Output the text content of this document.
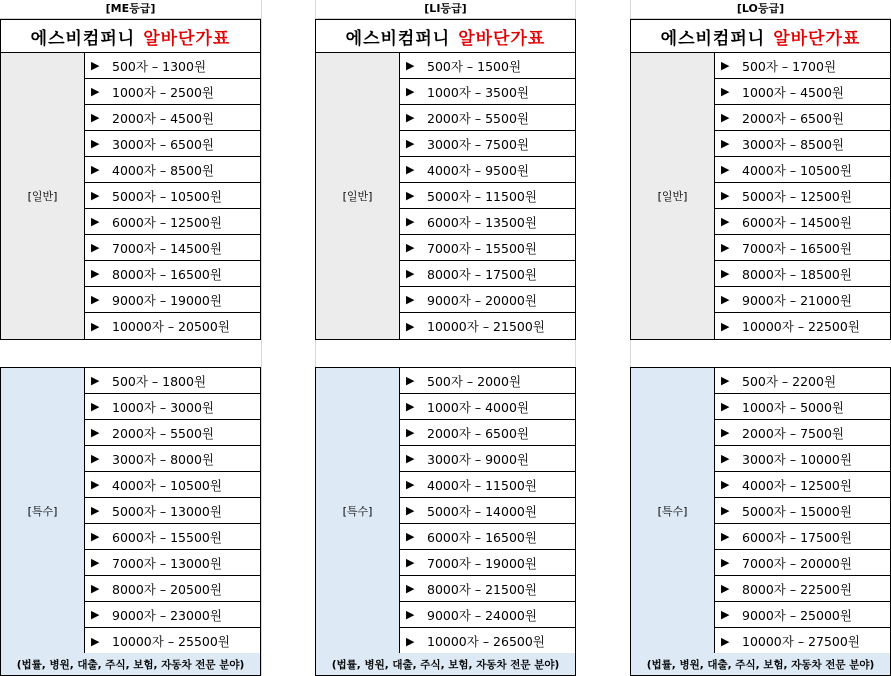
[ME등급]
에스비컴퍼니 알바단가표
[일반]
▶	500자 – 1300원
▶	1000자 – 2500원
▶	2000자 – 4500원
▶	3000자 – 6500원
▶	4000자 – 8500원
▶	5000자 – 10500원
▶	6000자 – 12500원
▶	7000자 – 14500원
▶	8000자 – 16500원
▶	9000자 – 19000원
▶	10000자 – 20500원
[특수]
▶	500자 – 1800원
▶	1000자 – 3000원
▶	2000자 – 5500원
▶	3000자 – 8000원
▶	4000자 – 10500원
▶	5000자 – 13000원
▶	6000자 – 15500원
▶	7000자 – 13000원
▶	8000자 – 20500원
▶	9000자 – 23000원
▶	10000자 – 25500원
(법률, 병원, 대출, 주식, 보험, 자동차 전문 분야)
[LI등급]
에스비컴퍼니 알바단가표
[일반]
▶	500자 – 1500원
▶	1000자 – 3500원
▶	2000자 – 5500원
▶	3000자 – 7500원
▶	4000자 – 9500원
▶	5000자 – 11500원
▶	6000자 – 13500원
▶	7000자 – 15500원
▶	8000자 – 17500원
▶	9000자 – 20000원
▶	10000자 – 21500원
[특수]
▶	500자 – 2000원
▶	1000자 – 4000원
▶	2000자 – 6500원
▶	3000자 – 9000원
▶	4000자 – 11500원
▶	5000자 – 14000원
▶	6000자 – 16500원
▶	7000자 – 19000원
▶	8000자 – 21500원
▶	9000자 – 24000원
▶	10000자 – 26500원
(법률, 병원, 대출, 주식, 보험, 자동차 전문 분야)
[LO등급]
에스비컴퍼니 알바단가표
[일반]
▶	500자 – 1700원
▶	1000자 – 4500원
▶	2000자 – 6500원
▶	3000자 – 8500원
▶	4000자 – 10500원
▶	5000자 – 12500원
▶	6000자 – 14500원
▶	7000자 – 16500원
▶	8000자 – 18500원
▶	9000자 – 21000원
▶	10000자 – 22500원
[특수]
▶	500자 – 2200원
▶	1000자 – 5000원
▶	2000자 – 7500원
▶	3000자 – 10000원
▶	4000자 – 12500원
▶	5000자 – 15000원
▶	6000자 – 17500원
▶	7000자 – 20000원
▶	8000자 – 22500원
▶	9000자 – 25000원
▶	10000자 – 27500원
(법률, 병원, 대출, 주식, 보험, 자동차 전문 분야)
